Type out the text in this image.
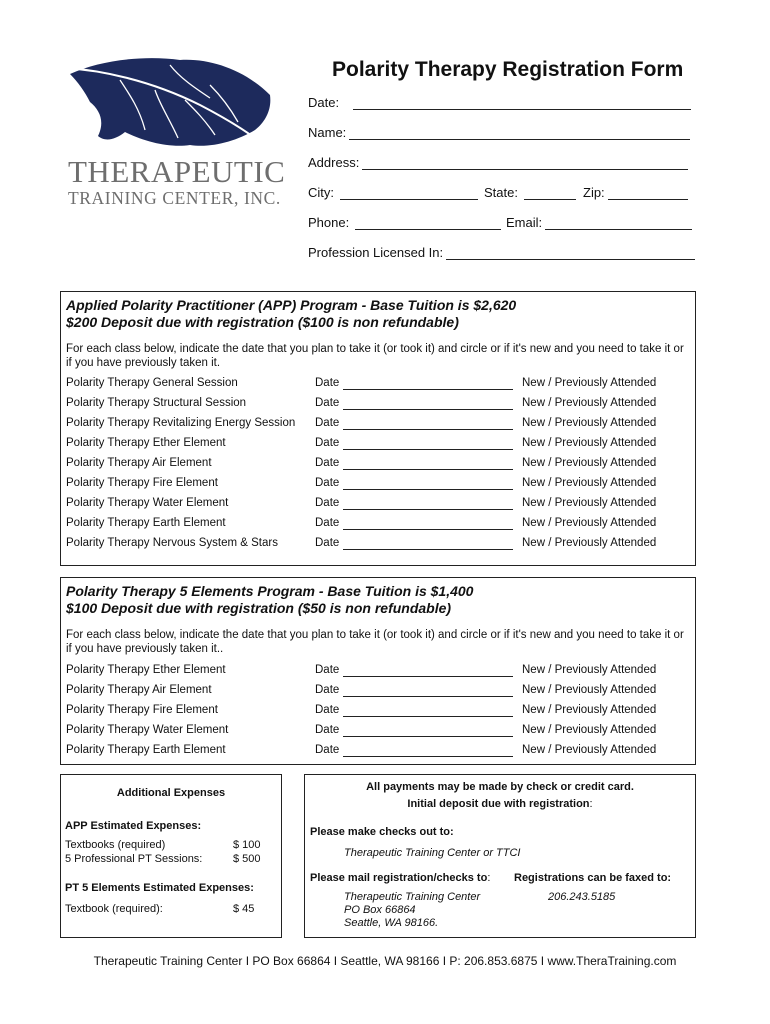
THERAPEUTIC
TRAINING CENTER, INC.
Polarity Therapy Registration Form
Date:
Name:
Address:
City:	State:	Zip:
Phone:	Email:
Profession Licensed In:
Applied Polarity Practitioner (APP) Program - Base Tuition is $2,620
$200 Deposit due with registration ($100 is non refundable)
For each class below, indicate the date that you plan to take it (or took it) and circle or if it's new and you need to take it or if you have previously taken it.
Polarity Therapy General Session	Date	New / Previously Attended
Polarity Therapy Structural Session	Date	New / Previously Attended
Polarity Therapy Revitalizing Energy Session Date	New / Previously Attended
Polarity Therapy Ether Element	Date	New / Previously Attended
Polarity Therapy Air Element	Date	New / Previously Attended
Polarity Therapy Fire Element	Date	New / Previously Attended
Polarity Therapy Water Element	Date	New / Previously Attended
Polarity Therapy Earth Element	Date	New / Previously Attended
Polarity Therapy Nervous System & Stars	Date	New / Previously Attended
Polarity Therapy 5 Elements Program - Base Tuition is $1,400
$100 Deposit due with registration ($50 is non refundable)
For each class below, indicate the date that you plan to take it (or took it) and circle or if it's new and you need to take it or if you have previously taken it..
Polarity Therapy Ether Element	Date	New / Previously Attended
Polarity Therapy Air Element	Date	New / Previously Attended
Polarity Therapy Fire Element	Date	New / Previously Attended
Polarity Therapy Water Element	Date	New / Previously Attended
Polarity Therapy Earth Element	Date	New / Previously Attended
Additional Expenses
APP Estimated Expenses:
Textbooks (required)	$ 100
5 Professional PT Sessions:	$ 500
PT 5 Elements Estimated Expenses:
Textbook (required):	$ 45
All payments may be made by check or credit card.
Initial deposit due with registration:
Please make checks out to:
Therapeutic Training Center or TTCI
Please mail registration/checks to: Registrations can be faxed to:
Therapeutic Training Center
PO Box 66864
Seattle, WA 98166.
206.243.5185
Therapeutic Training Center I PO Box 66864 I Seattle, WA 98166 I P: 206.853.6875 I www.TheraTraining.com
